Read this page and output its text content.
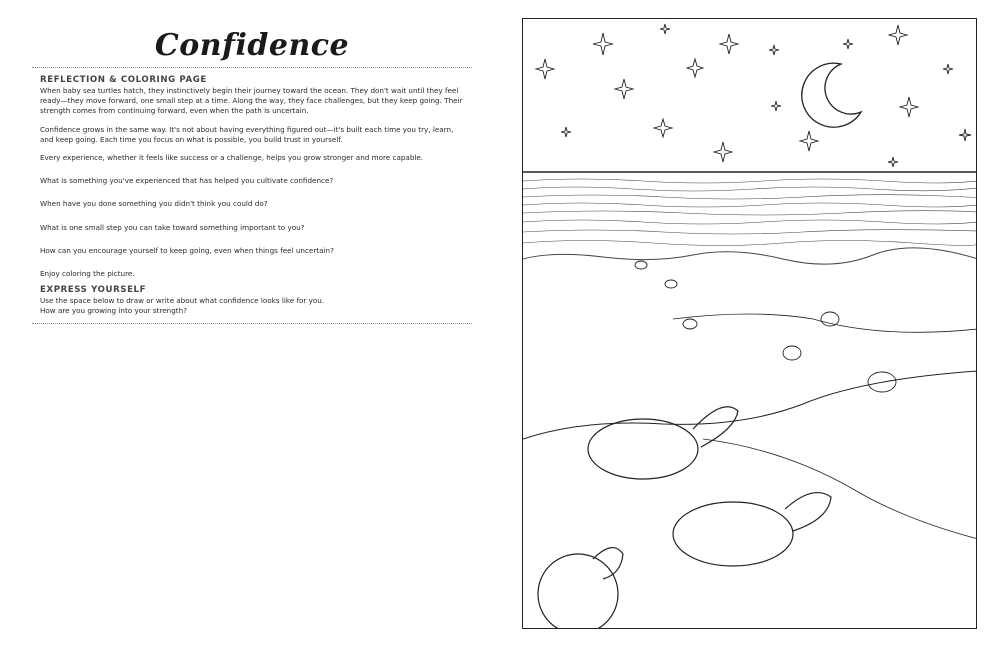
Confidence
REFLECTION & COLORING PAGE

When baby sea turtles hatch, they instinctively begin their journey toward the ocean. They don't wait until they feel ready—they move forward, one small step at a time. Along the way, they face challenges, but they keep going. Their strength comes from continuing forward, even when the path is uncertain.

Confidence grows in the same way. It's not about having everything figured out—it's built each time you try, learn, and keep going. Each time you focus on what is possible, you build trust in yourself.

Every experience, whether it feels like success or a challenge, helps you grow stronger and more capable.

What is something you've experienced that has helped you cultivate confidence?

When have you done something you didn't think you could do?

What is one small step you can take toward something important to you?

How can you encourage yourself to keep going, even when things feel uncertain?

Enjoy coloring the picture.

EXPRESS YOURSELF

Use the space below to draw or write about what confidence looks like for you.

How are you growing into your strength?
